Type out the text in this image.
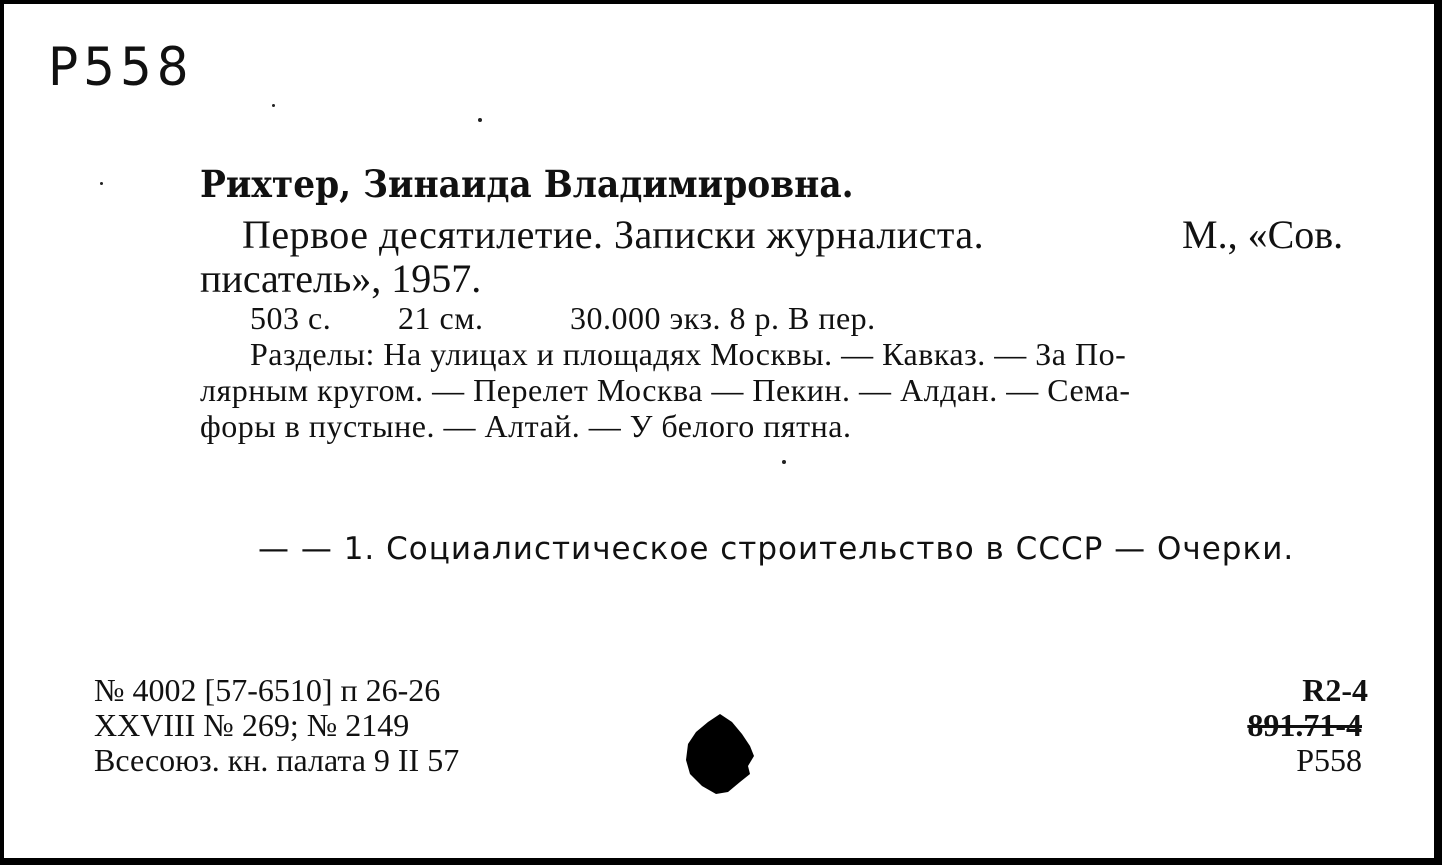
P558
Рихтер, Зинаида Владимировна.
Первое десятилетие. Записки журналиста.	М., «Сов.
писатель», 1957.
503 с. 21 см.	30.000 экз. 8 р. В пер.
Разделы: На улицах и площадях Москвы. — Кавказ. — За По-
лярным кругом. — Перелет Москва — Пекин. — Алдан. — Сема-
форы в пустыне. — Алтай. — У белого пятна.
— — 1. Социалистическое строительство в СССР — Очерки.
№ 4002 [57-6510] п 26-26
XXVIII № 269; № 2149
Всесоюз. кн. палата 9 II 57
R2-4
891.71-4
P558
